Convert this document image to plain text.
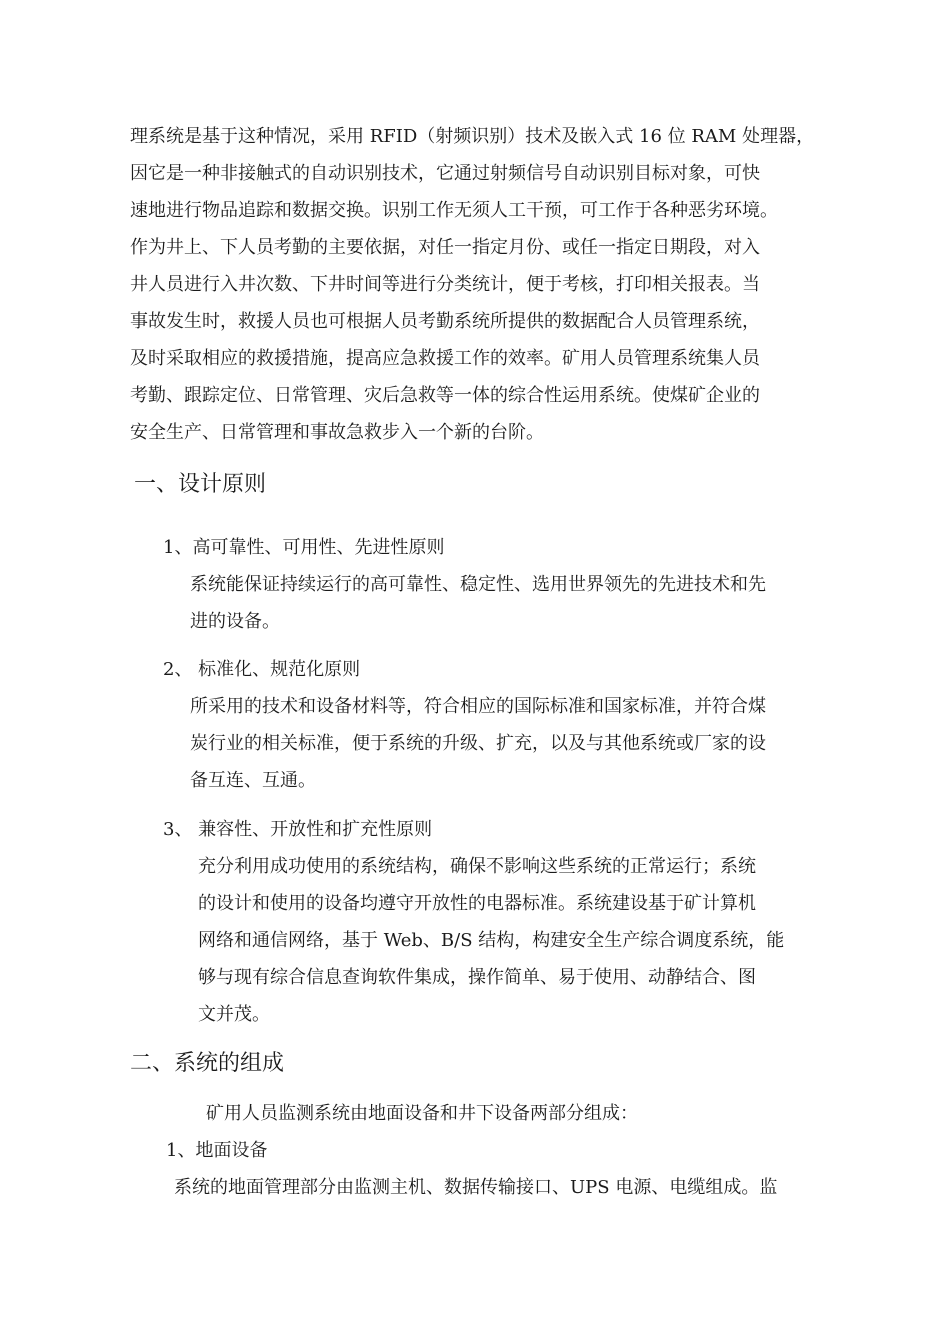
理系统是基于这种情况，采用 RFID（射频识别）技术及嵌入式 16 位 RAM 处理器，
因它是一种非接触式的自动识别技术，它通过射频信号自动识别目标对象，可快
速地进行物品追踪和数据交换。识别工作无须人工干预，可工作于各种恶劣环境。
作为井上、下人员考勤的主要依据，对任一指定月份、或任一指定日期段，对入
井人员进行入井次数、下井时间等进行分类统计，便于考核，打印相关报表。当
事故发生时，救援人员也可根据人员考勤系统所提供的数据配合人员管理系统，
及时采取相应的救援措施，提高应急救援工作的效率。矿用人员管理系统集人员
考勤、跟踪定位、日常管理、灾后急救等一体的综合性运用系统。使煤矿企业的
安全生产、日常管理和事故急救步入一个新的台阶。
一、设计原则
1、高可靠性、可用性、先进性原则
系统能保证持续运行的高可靠性、稳定性、选用世界领先的先进技术和先
进的设备。
2、 标准化、规范化原则
所采用的技术和设备材料等，符合相应的国际标准和国家标准，并符合煤
炭行业的相关标准，便于系统的升级、扩充，以及与其他系统或厂家的设
备互连、互通。
3、 兼容性、开放性和扩充性原则
充分利用成功使用的系统结构，确保不影响这些系统的正常运行；系统
的设计和使用的设备均遵守开放性的电器标准。系统建设基于矿计算机
网络和通信网络，基于 Web、B/S 结构，构建安全生产综合调度系统，能
够与现有综合信息查询软件集成，操作简单、易于使用、动静结合、图
文并茂。
二、系统的组成
矿用人员监测系统由地面设备和井下设备两部分组成：
1、地面设备
系统的地面管理部分由监测主机、数据传输接口、UPS 电源、电缆组成。监
